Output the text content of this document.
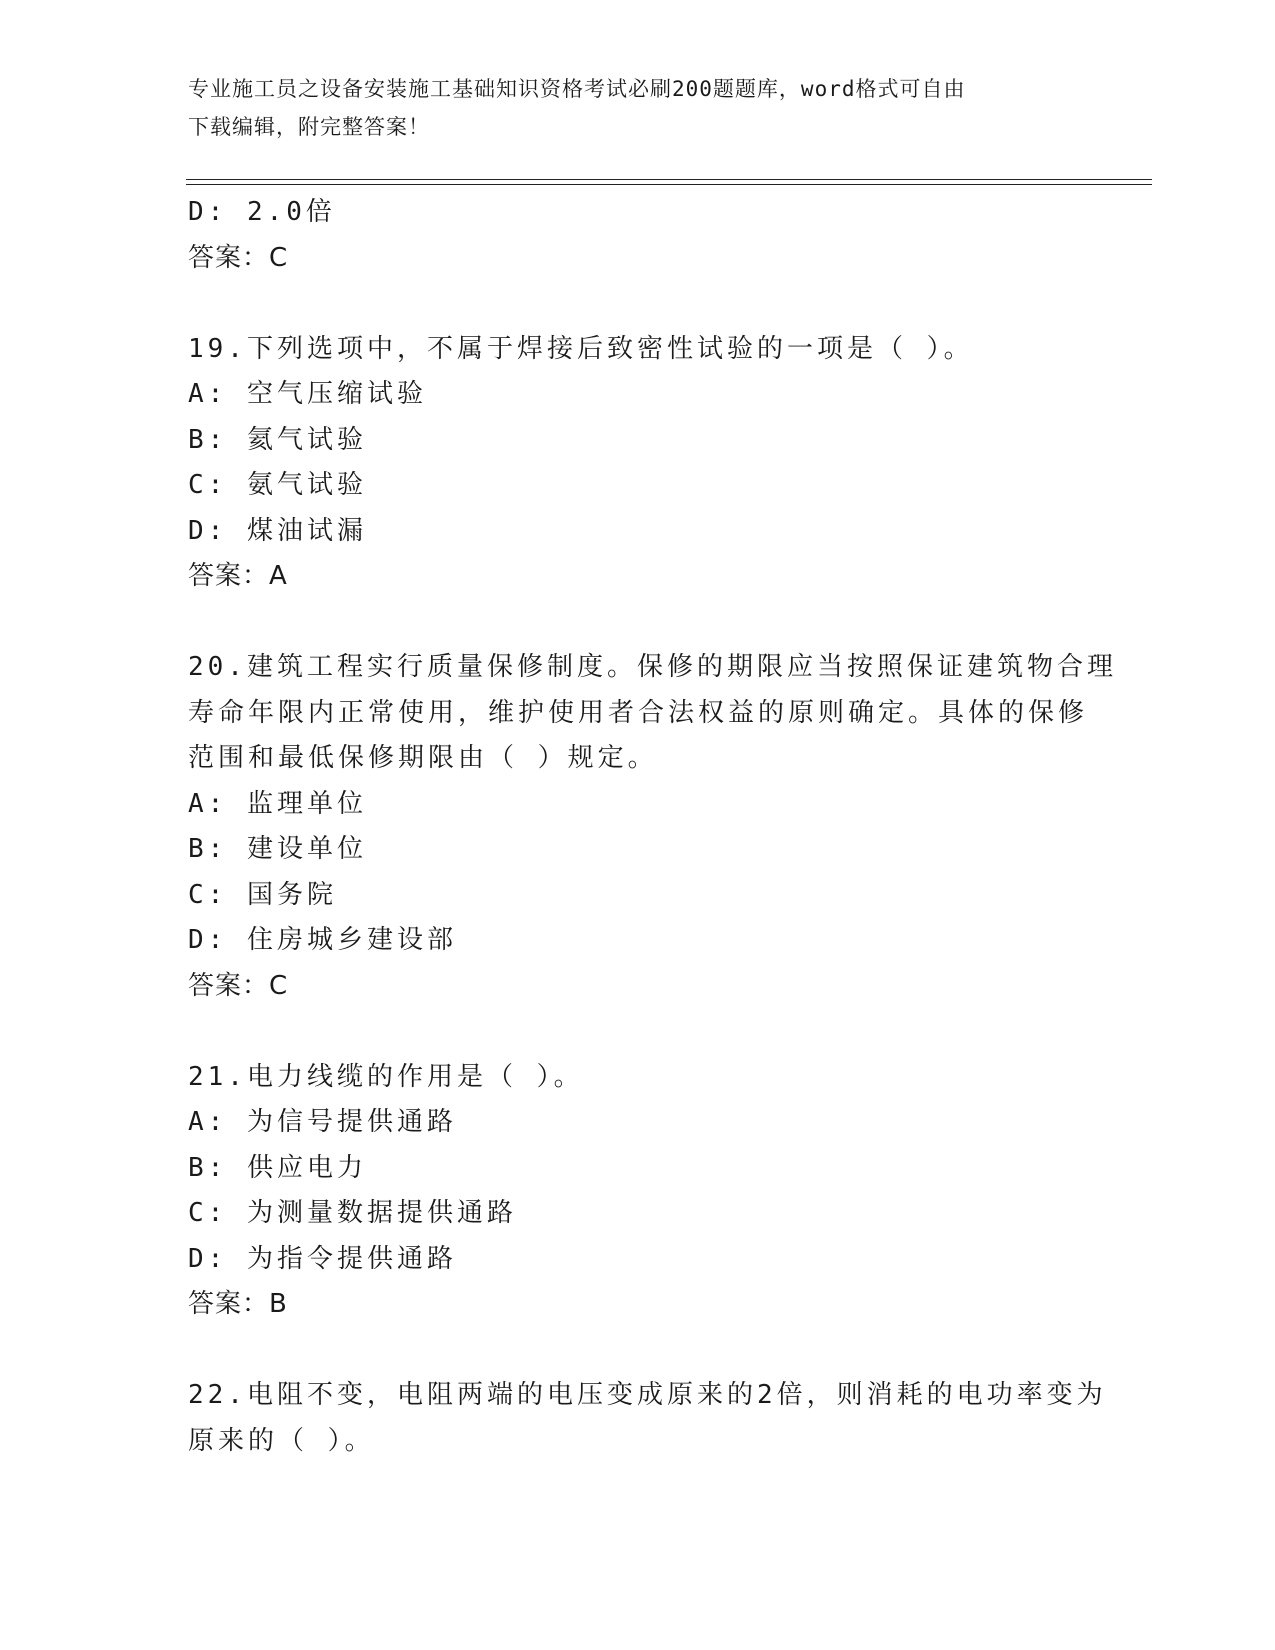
专业施工员之设备安装施工基础知识资格考试必刷200题题库，word格式可自由
下载编辑，附完整答案！
D: 2.0倍
答案：C
19.下列选项中，不属于焊接后致密性试验的一项是（ ）。
A: 空气压缩试验
B: 氦气试验
C: 氨气试验
D: 煤油试漏
答案：A
20.建筑工程实行质量保修制度。保修的期限应当按照保证建筑物合理
寿命年限内正常使用，维护使用者合法权益的原则确定。具体的保修
范围和最低保修期限由（ ）规定。
A: 监理单位
B: 建设单位
C: 国务院
D: 住房城乡建设部
答案：C
21.电力线缆的作用是（ ）。
A: 为信号提供通路
B: 供应电力
C: 为测量数据提供通路
D: 为指令提供通路
答案：B
22.电阻不变，电阻两端的电压变成原来的2倍，则消耗的电功率变为
原来的（ ）。
